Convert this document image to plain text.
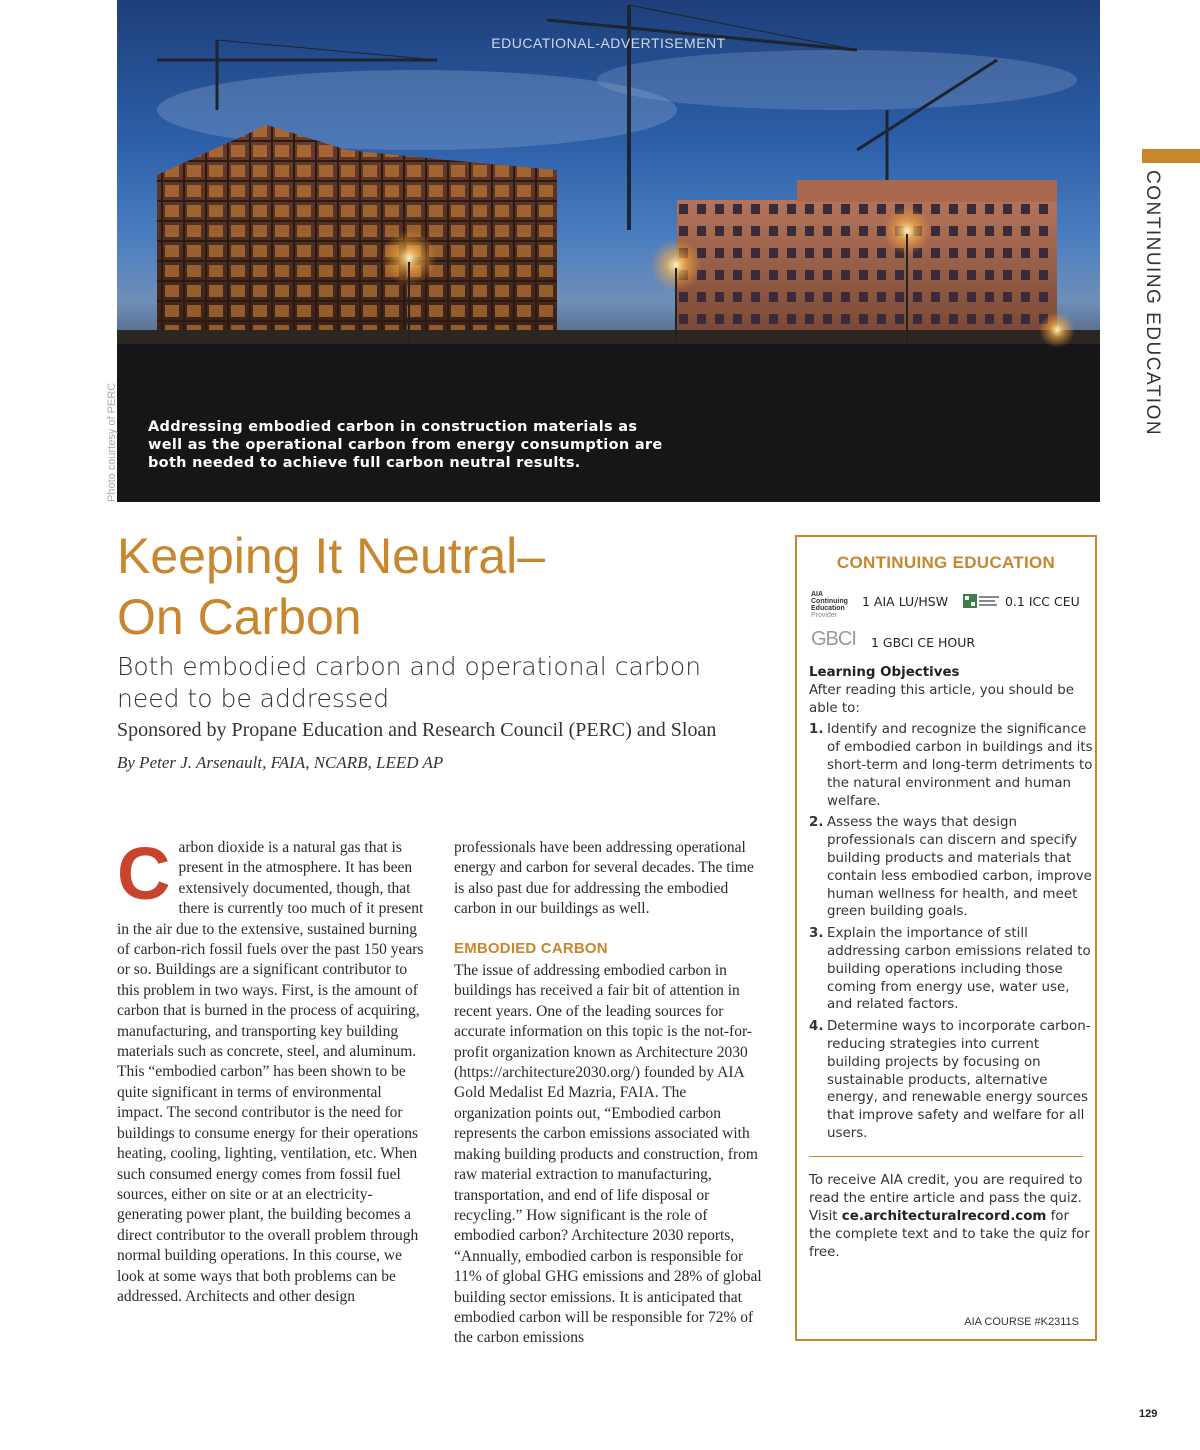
EDUCATIONAL-ADVERTISEMENT
Addressing embodied carbon in construction materials as well as the operational carbon from energy consumption are both needed to achieve full carbon neutral results.
Photo courtesy of PERC
CONTINUING EDUCATION
Keeping It Neutral–
On Carbon
Both embodied carbon and operational carbon need to be addressed
Sponsored by Propane Education and Research Council (PERC) and Sloan
By Peter J. Arsenault, FAIA, NCARB, LEED AP
C arbon dioxide is a natural gas that is present in the atmosphere. It has been extensively documented, though, that there is currently too much of it present in the air due to the extensive, sustained burning of carbon-rich fossil fuels over the past 150 years or so. Buildings are a significant contributor to this problem in two ways. First, is the amount of carbon that is burned in the process of acquiring, manufacturing, and transporting key building materials such as concrete, steel, and aluminum. This “embodied carbon” has been shown to be quite significant in terms of environmental impact. The second contributor is the need for buildings to consume energy for their operations heating, cooling, lighting, ventilation, etc. When such consumed energy comes from fossil fuel sources, either on site or at an electricity-generating power plant, the building becomes a direct contributor to the overall problem through normal building operations. In this course, we look at some ways that both problems can be addressed. Architects and other design

professionals have been addressing operational energy and carbon for several decades. The time is also past due for addressing the embodied carbon in our buildings as well.

EMBODIED CARBON

The issue of addressing embodied carbon in buildings has received a fair bit of attention in recent years. One of the leading sources for accurate information on this topic is the not-for-profit organization known as Architecture 2030 (https://architecture2030.org/) founded by AIA Gold Medalist Ed Mazria, FAIA. The organization points out, “Embodied carbon represents the carbon emissions associated with making building products and construction, from raw material extraction to manufacturing, transportation, and end of life disposal or recycling.” How significant is the role of embodied carbon? Architecture 2030 reports, “Annually, embodied carbon is responsible for 11% of global GHG emissions and 28% of global building sector emissions. It is anticipated that embodied carbon will be responsible for 72% of the carbon emissions

CONTINUING EDUCATION
AIA
Continuing
Education
Provider
1 AIA LU/HSW	0.1 ICC CEU
GBCI 1 GBCI CE HOUR
Learning Objectives
After reading this article, you should be able to:
1. Identify and recognize the significance of embodied carbon in buildings and its short-term and long-term detriments to the natural environment and human welfare.
2. Assess the ways that design professionals can discern and specify building products and materials that contain less embodied carbon, improve human wellness for health, and meet green building goals.
3. Explain the importance of still addressing carbon emissions related to building operations including those coming from energy use, water use, and related factors.
4. Determine ways to incorporate carbon-reducing strategies into current building projects by focusing on sustainable products, alternative energy, and renewable energy sources that improve safety and welfare for all users.
To receive AIA credit, you are required to read the entire article and pass the quiz. Visit ce.architecturalrecord.com for the complete text and to take the quiz for free.
AIA COURSE #K2311S
129
